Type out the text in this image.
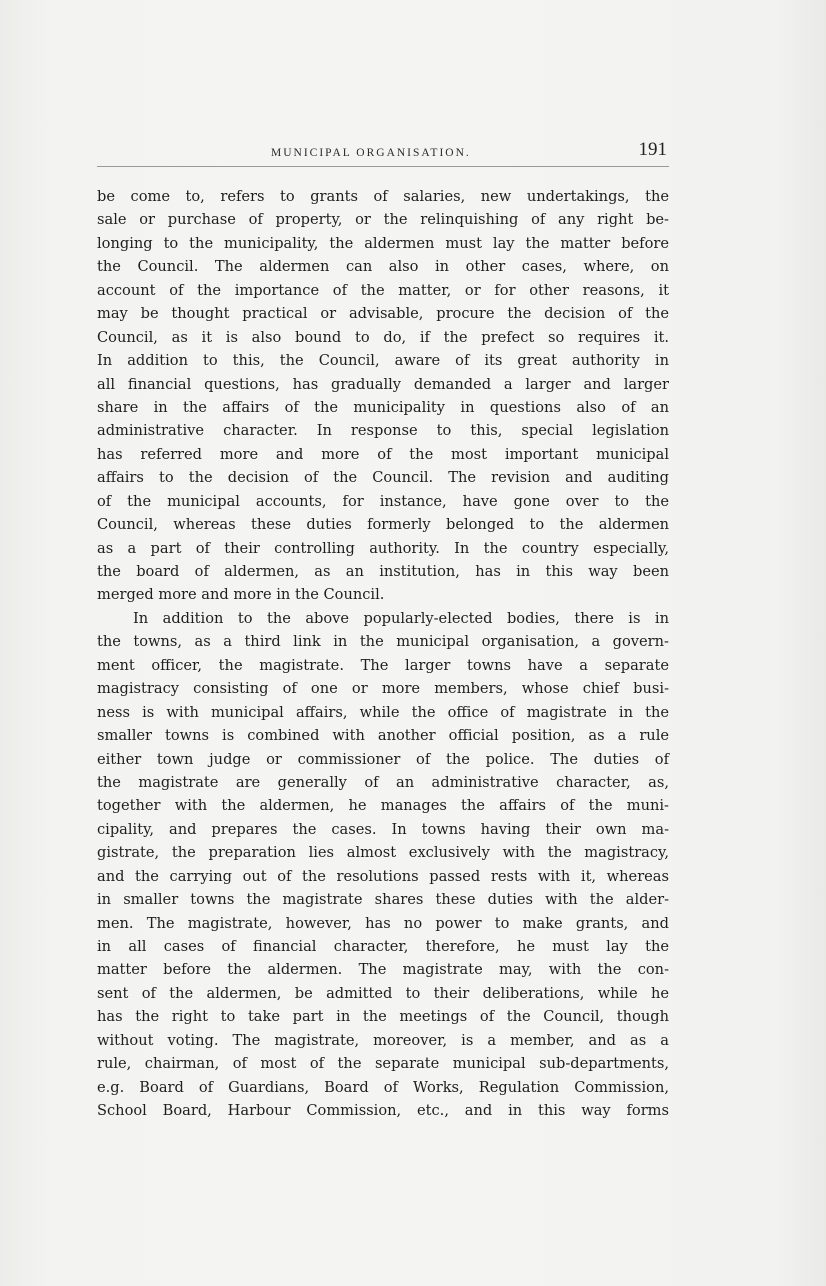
MUNICIPAL ORGANISATION.	191
be come to, refers to grants of salaries, new undertakings, the
sale or purchase of property, or the relinquishing of any right be-
longing to the municipality, the aldermen must lay the matter before
the Council. The aldermen can also in other cases, where, on
account of the importance of the matter, or for other reasons, it
may be thought practical or advisable, procure the decision of the
Council, as it is also bound to do, if the prefect so requires it.
In addition to this, the Council, aware of its great authority in
all financial questions, has gradually demanded a larger and larger
share in the affairs of the municipality in questions also of an
administrative character. In response to this, special legislation
has referred more and more of the most important municipal
affairs to the decision of the Council. The revision and auditing
of the municipal accounts, for instance, have gone over to the
Council, whereas these duties formerly belonged to the aldermen
as a part of their controlling authority. In the country especially,
the board of aldermen, as an institution, has in this way been
merged more and more in the Council.
In addition to the above popularly-elected bodies, there is in
the towns, as a third link in the municipal organisation, a govern-
ment officer, the magistrate. The larger towns have a separate
magistracy consisting of one or more members, whose chief busi-
ness is with municipal affairs, while the office of magistrate in the
smaller towns is combined with another official position, as a rule
either town judge or commissioner of the police. The duties of
the magistrate are generally of an administrative character, as,
together with the aldermen, he manages the affairs of the muni-
cipality, and prepares the cases. In towns having their own ma-
gistrate, the preparation lies almost exclusively with the magistracy,
and the carrying out of the resolutions passed rests with it, whereas
in smaller towns the magistrate shares these duties with the alder-
men. The magistrate, however, has no power to make grants, and
in all cases of financial character, therefore, he must lay the
matter before the aldermen. The magistrate may, with the con-
sent of the aldermen, be admitted to their deliberations, while he
has the right to take part in the meetings of the Council, though
without voting. The magistrate, moreover, is a member, and as a
rule, chairman, of most of the separate municipal sub-departments,
e.g. Board of Guardians, Board of Works, Regulation Commission,
School Board, Harbour Commission, etc., and in this way forms
